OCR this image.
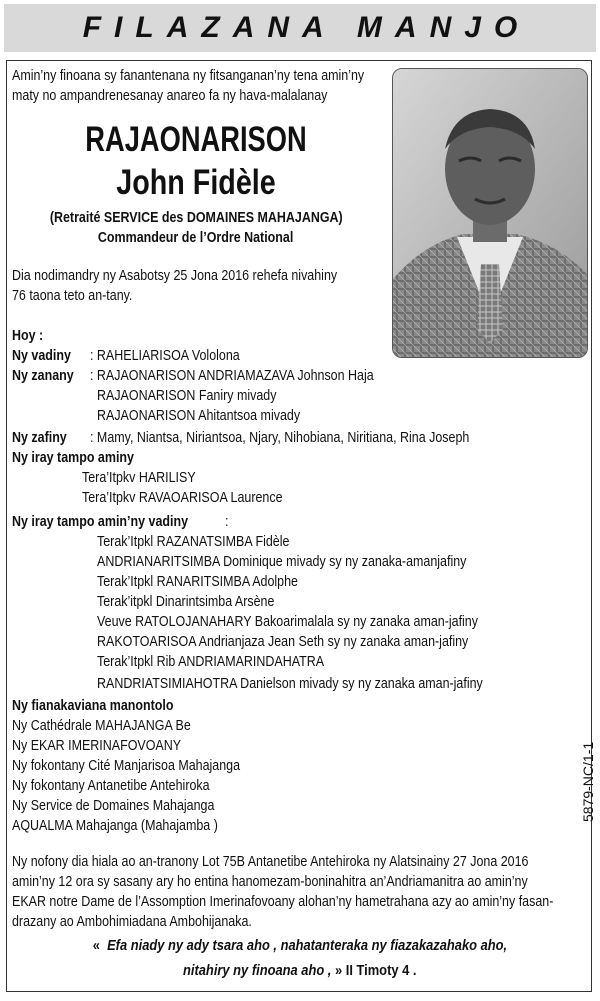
FILAZANA MANJO
Amin’ny finoana sy fanantenana ny fitsanganan’ny tena amin’ny
maty no ampandrenesanay anareo fa ny hava-malalanay
RAJAONARISON
John Fidèle
(Retraité SERVICE des DOMAINES MAHAJANGA)
Commandeur de l’Ordre National
Dia nodimandry ny Asabotsy 25 Jona 2016 rehefa nivahiny
76 taona teto an-tany.
Hoy :
Ny vadiny : RAHELIARISOA Vololona
Ny zanany : RAJAONARISON ANDRIAMAZAVA Johnson Haja
RAJAONARISON Faniry mivady
RAJAONARISON Ahitantsoa mivady
Ny zafiny : Mamy, Niantsa, Niriantsoa, Njary, Nihobiana, Niritiana, Rina Joseph
Ny iray tampo aminy
Tera’Itpkv HARILISY
Tera’Itpkv RAVAOARISOA Laurence
Ny iray tampo amin’ny vadiny	:
Terak’Itpkl RAZANATSIMBA Fidèle
ANDRIANARITSIMBA Dominique mivady sy ny zanaka-amanjafiny
Terak’Itpkl RANARITSIMBA Adolphe
Terak’itpkl Dinarintsimba Arsène
Veuve RATOLOJANAHARY Bakoarimalala sy ny zanaka aman-jafiny
RAKOTOARISOA Andrianjaza Jean Seth sy ny zanaka aman-jafiny
Terak’Itpkl Rib ANDRIAMARINDAHATRA
RANDRIATSIMIAHOTRA Danielson mivady sy ny zanaka aman-jafiny
Ny fianakaviana manontolo
Ny Cathédrale MAHAJANGA Be
Ny EKAR IMERINAFOVOANY
Ny fokontany Cité Manjarisoa Mahajanga
Ny fokontany Antanetibe Antehiroka
Ny Service de Domaines Mahajanga
AQUALMA Mahajanga (Mahajamba )
5879-NC/1-1
Ny nofony dia hiala ao an-tranony Lot 75B Antanetibe Antehiroka ny Alatsinainy 27 Jona 2016
amin’ny 12 ora sy sasany ary ho entina hanomezam-boninahitra an’Andriamanitra ao amin’ny
EKAR notre Dame de l’Assomption Imerinafovoany alohan’ny hametrahana azy ao amin’ny fasan-
drazany ao Ambohimiadana Ambohijanaka.
« Efa niady ny ady tsara aho , nahatanteraka ny fiazakazahako aho,
nitahiry ny finoana aho , » II Timoty 4 .
